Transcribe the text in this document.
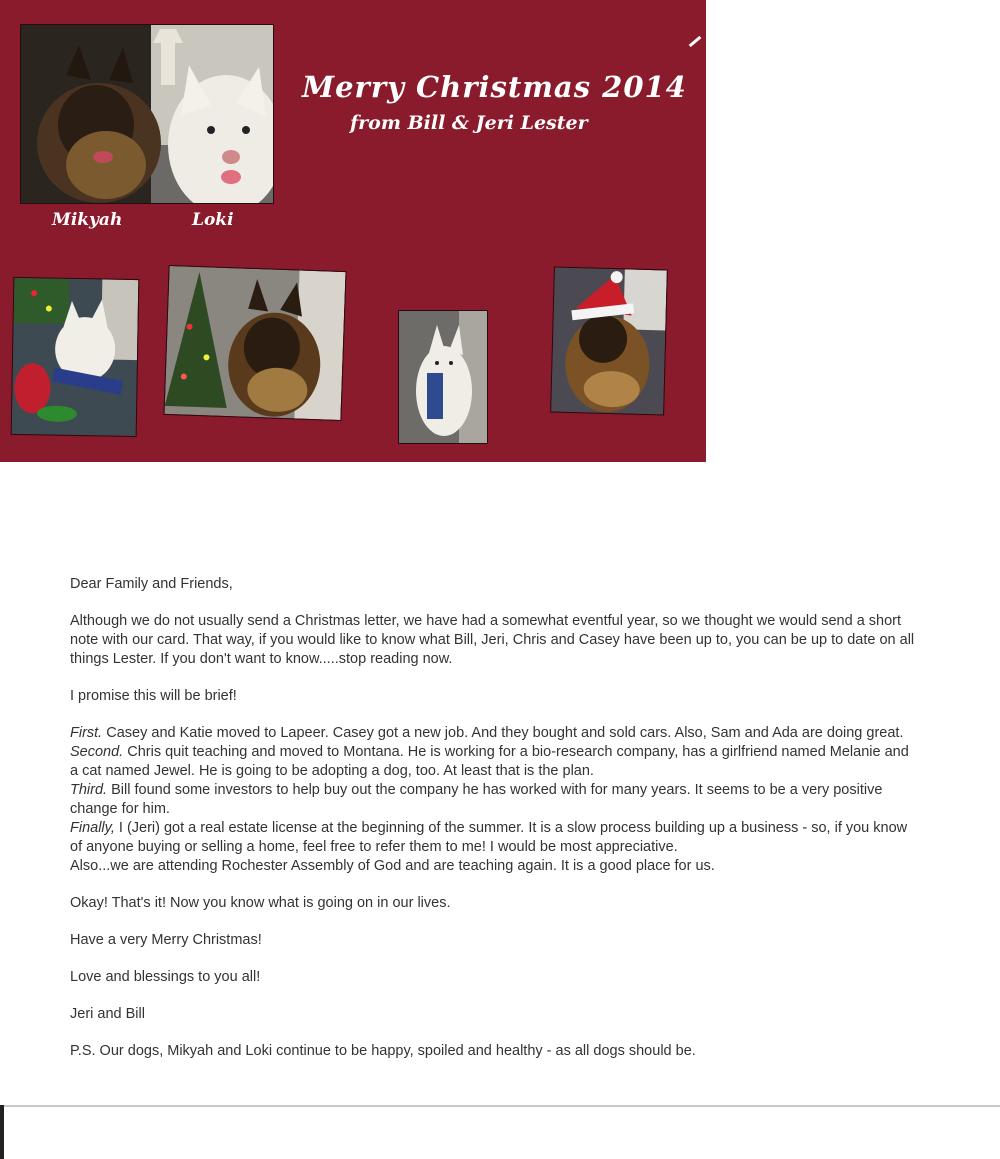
Merry Christmas 2014
from Bill & Jeri Lester
Mikyah	Loki

Dear Family and Friends,

Although we do not usually send a Christmas letter, we have had a somewhat eventful year, so we thought we would send a short note with our card. That way, if you would like to know what Bill, Jeri, Chris and Casey have been up to, you can be up to date on all things Lester. If you don't want to know.....stop reading now.

I promise this will be brief!

First. Casey and Katie moved to Lapeer. Casey got a new job. And they bought and sold cars. Also, Sam and Ada are doing great.

Second. Chris quit teaching and moved to Montana. He is working for a bio-research company, has a girlfriend named Melanie and a cat named Jewel. He is going to be adopting a dog, too. At least that is the plan.

Third. Bill found some investors to help buy out the company he has worked with for many years. It seems to be a very positive change for him.

Finally, I (Jeri) got a real estate license at the beginning of the summer. It is a slow process building up a business - so, if you know of anyone buying or selling a home, feel free to refer them to me! I would be most appreciative.

Also...we are attending Rochester Assembly of God and are teaching again. It is a good place for us.

Okay! That's it! Now you know what is going on in our lives.

Have a very Merry Christmas!

Love and blessings to you all!

Jeri and Bill

P.S. Our dogs, Mikyah and Loki continue to be happy, spoiled and healthy - as all dogs should be.
